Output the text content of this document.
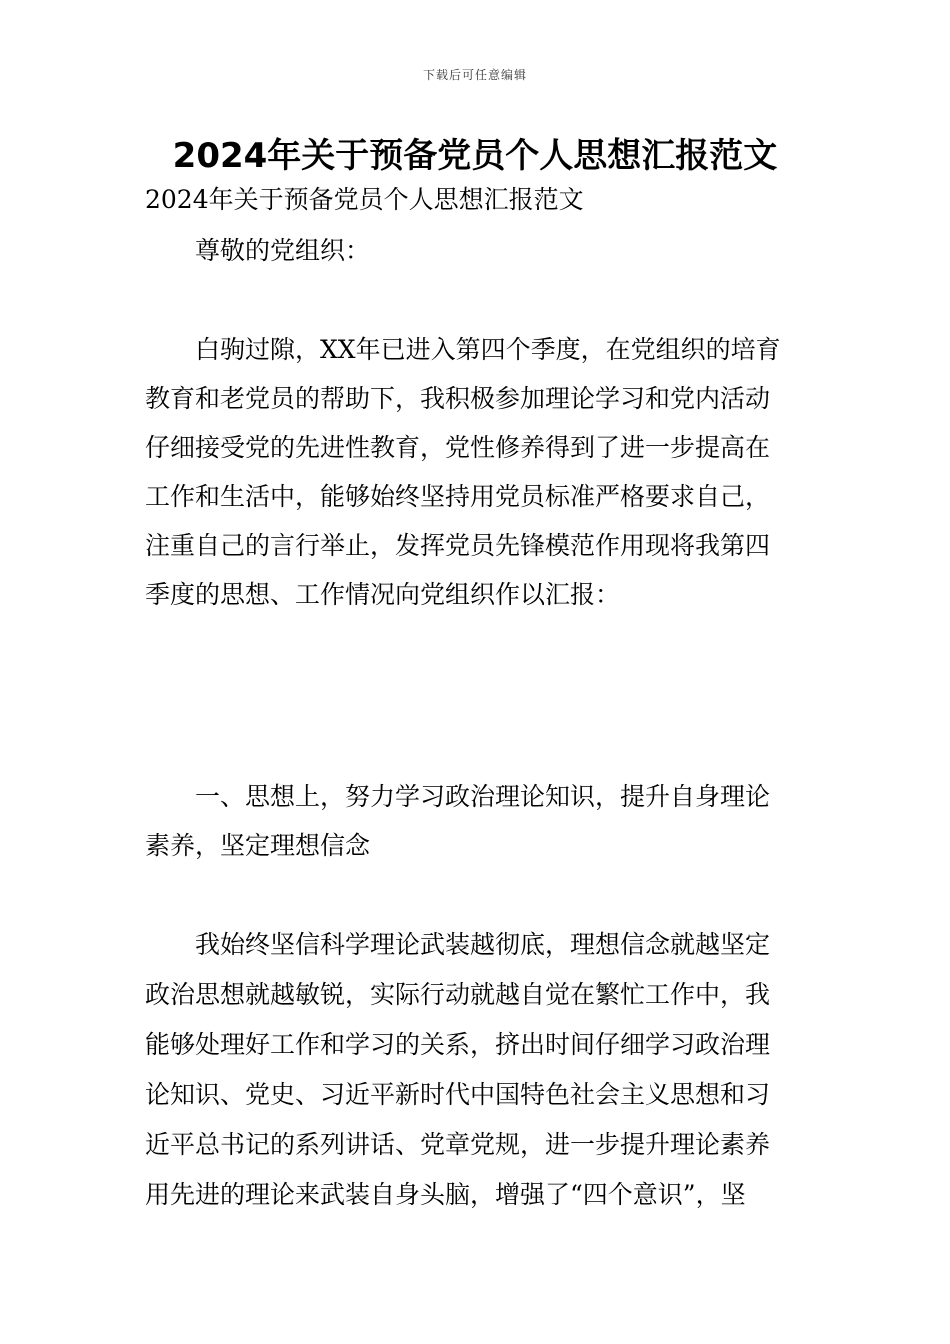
下载后可任意编辑
2024年关于预备党员个人思想汇报范文
2024年关于预备党员个人思想汇报范文
尊敬的党组织：
白驹过隙，XX年已进入第四个季度，在党组织的培育
教育和老党员的帮助下，我积极参加理论学习和党内活动
仔细接受党的先进性教育，党性修养得到了进一步提高在
工作和生活中，能够始终坚持用党员标准严格要求自己，
注重自己的言行举止，发挥党员先锋模范作用现将我第四
季度的思想、工作情况向党组织作以汇报：
一、思想上，努力学习政治理论知识，提升自身理论
素养，坚定理想信念
我始终坚信科学理论武装越彻底，理想信念就越坚定
政治思想就越敏锐，实际行动就越自觉在繁忙工作中，我
能够处理好工作和学习的关系，挤出时间仔细学习政治理
论知识、党史、习近平新时代中国特色社会主义思想和习
近平总书记的系列讲话、党章党规，进一步提升理论素养
用先进的理论来武装自身头脑，增强了“四个意识”，坚
